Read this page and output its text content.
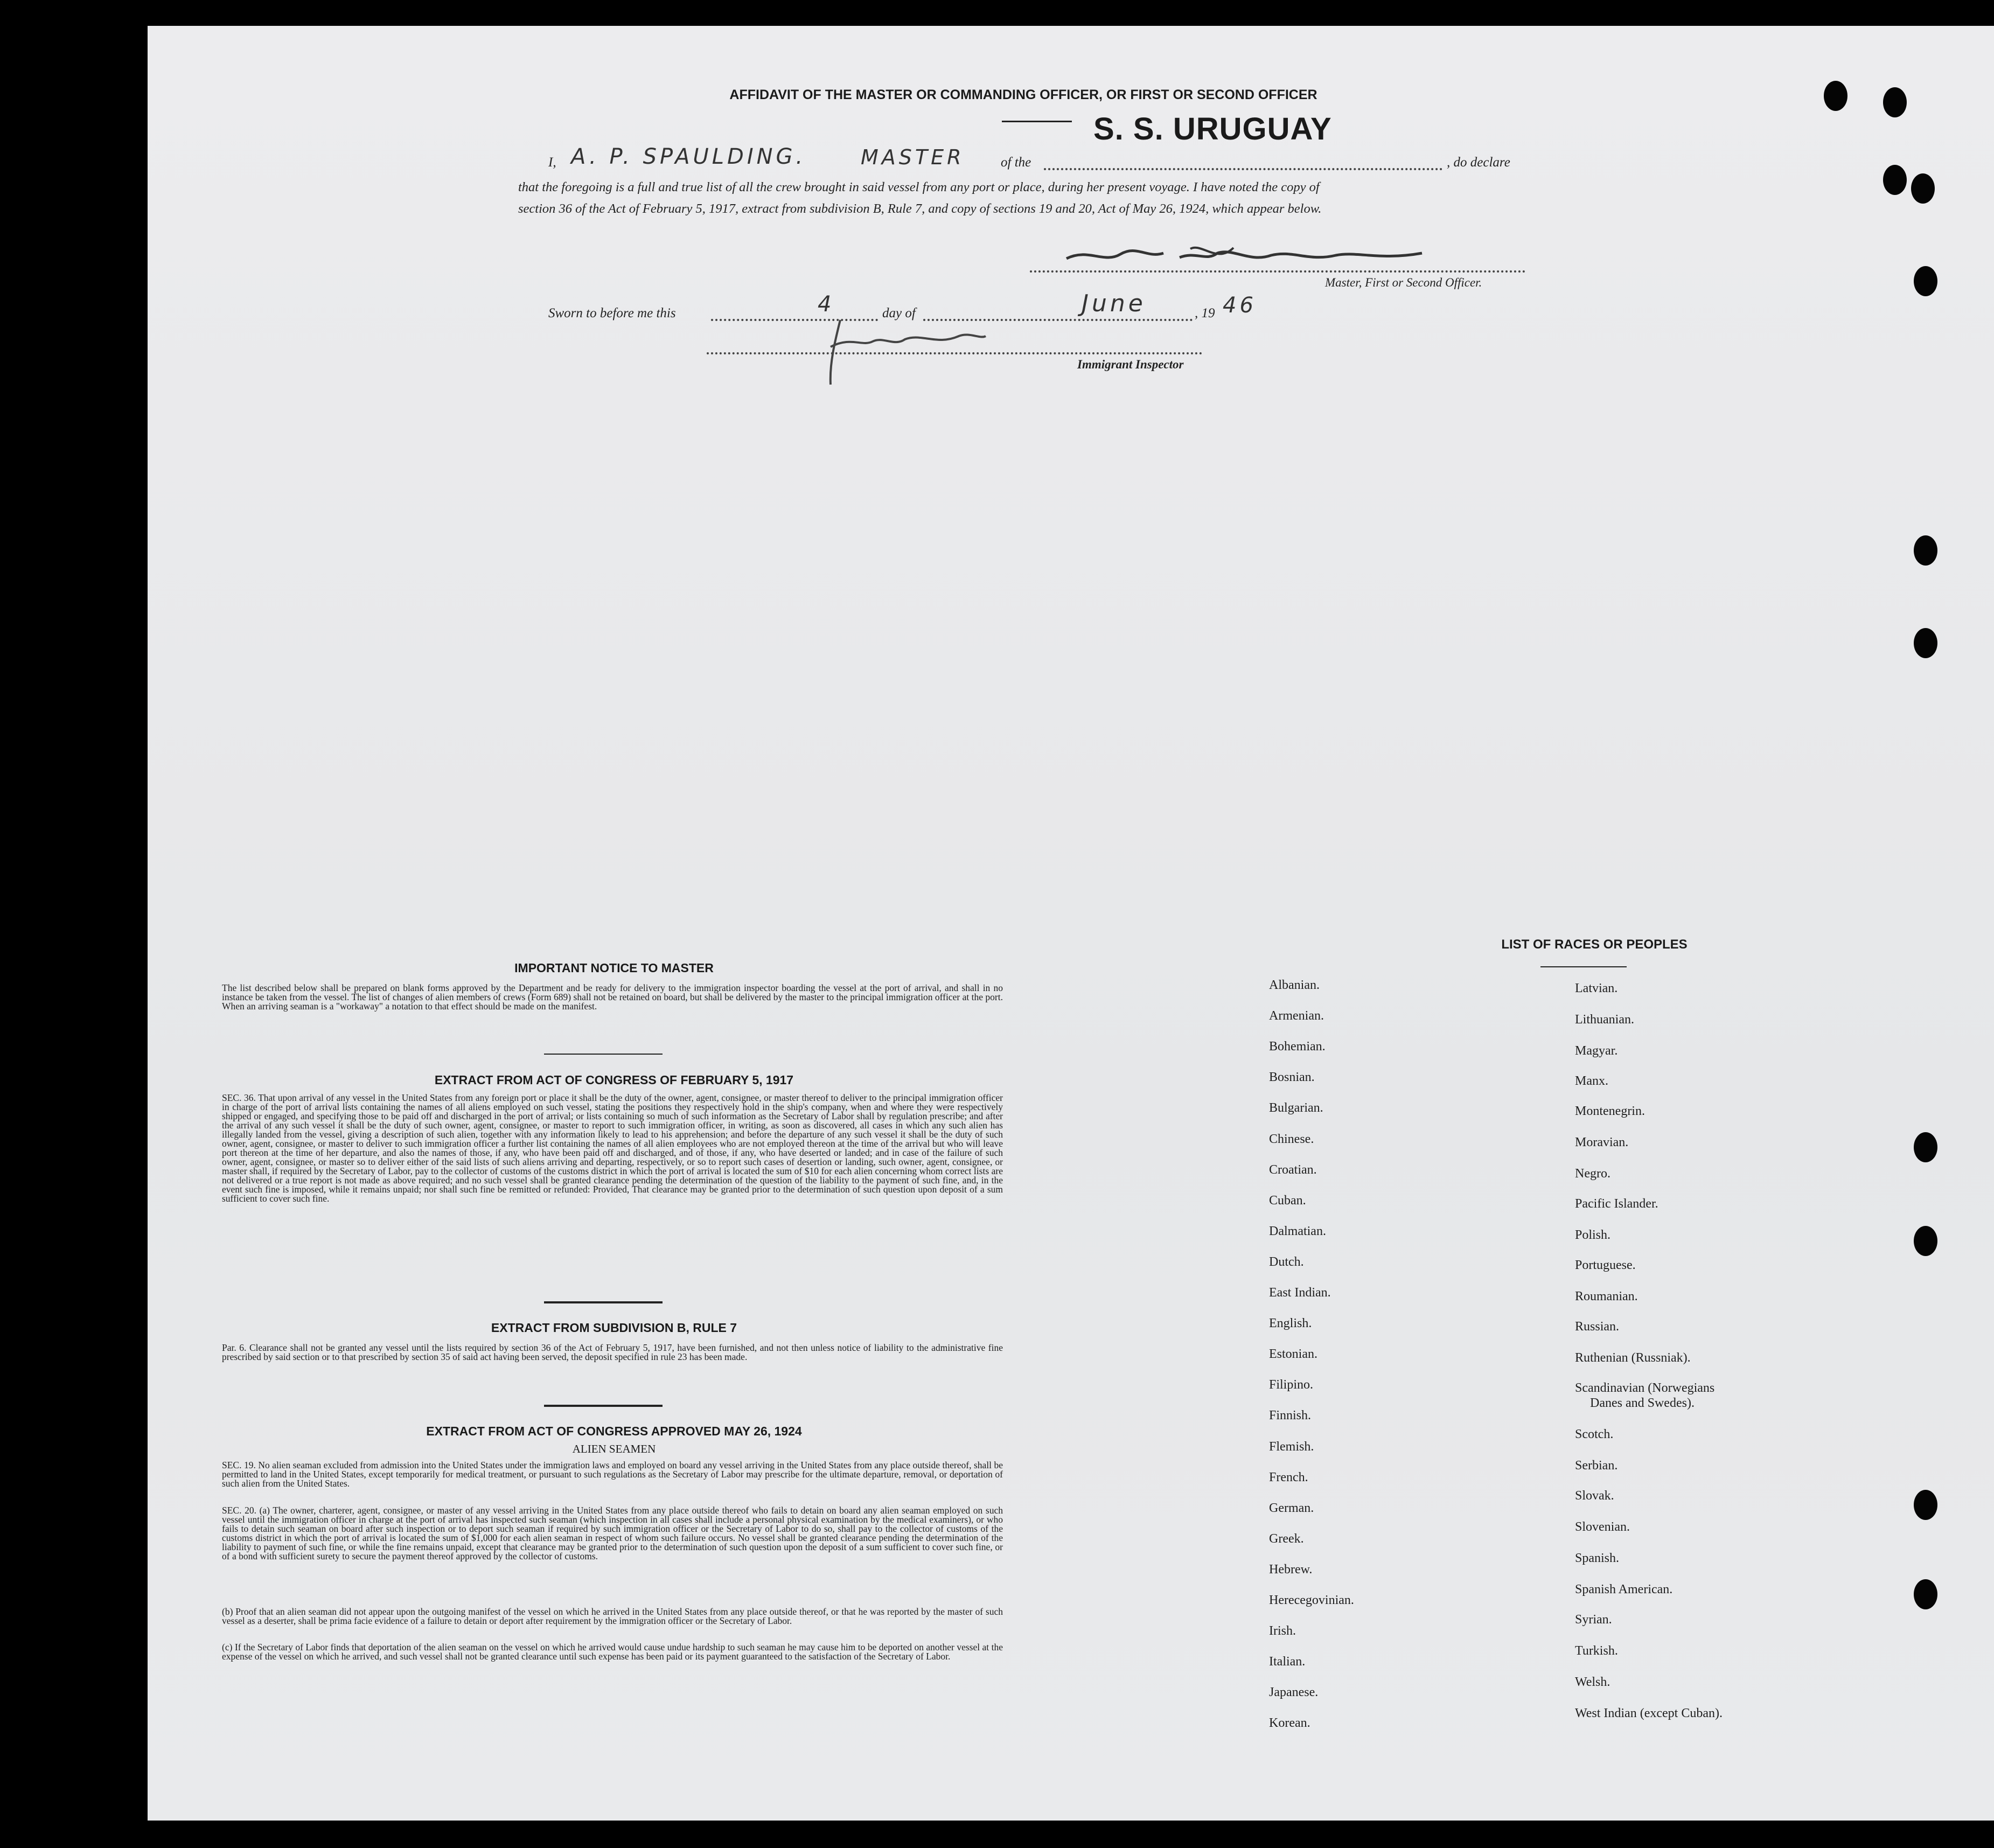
AFFIDAVIT OF THE MASTER OR COMMANDING OFFICER, OR FIRST OR SECOND OFFICER
S. S. URUGUAY
I, A. P. SPAULDING.	MASTER	of the	, do declare
that the foregoing is a full and true list of all the crew brought in said vessel from any port or place, during her present voyage. I have noted the copy of
section 36 of the Act of February 5, 1917, extract from subdivision B, Rule 7, and copy of sections 19 and 20, Act of May 26, 1924, which appear below.
Master, First or Second Officer.
Sworn to before me this	4	day of	June	, 19 46
Immigrant Inspector
IMPORTANT NOTICE TO MASTER
The list described below shall be prepared on blank forms approved by the Department and be ready for delivery to the immigration inspector boarding the vessel at the port of arrival, and shall in no instance be taken from the vessel. The list of changes of alien members of crews (Form 689) shall not be retained on board, but shall be delivered by the master to the principal immigration officer at the port. When an arriving seaman is a "workaway" a notation to that effect should be made on the manifest.
EXTRACT FROM ACT OF CONGRESS OF FEBRUARY 5, 1917
SEC. 36. That upon arrival of any vessel in the United States from any foreign port or place it shall be the duty of the owner, agent, consignee, or master thereof to deliver to the principal immigration officer in charge of the port of arrival lists containing the names of all aliens employed on such vessel, stating the positions they respectively hold in the ship's company, when and where they were respectively shipped or engaged, and specifying those to be paid off and discharged in the port of arrival; or lists containing so much of such information as the Secretary of Labor shall by regulation prescribe; and after the arrival of any such vessel it shall be the duty of such owner, agent, consignee, or master to report to such immigration officer, in writing, as soon as discovered, all cases in which any such alien has illegally landed from the vessel, giving a description of such alien, together with any information likely to lead to his apprehension; and before the departure of any such vessel it shall be the duty of such owner, agent, consignee, or master to deliver to such immigration officer a further list containing the names of all alien employees who are not employed thereon at the time of the arrival but who will leave port thereon at the time of her departure, and also the names of those, if any, who have been paid off and discharged, and of those, if any, who have deserted or landed; and in case of the failure of such owner, agent, consignee, or master so to deliver either of the said lists of such aliens arriving and departing, respectively, or so to report such cases of desertion or landing, such owner, agent, consignee, or master shall, if required by the Secretary of Labor, pay to the collector of customs of the customs district in which the port of arrival is located the sum of $10 for each alien concerning whom correct lists are not delivered or a true report is not made as above required; and no such vessel shall be granted clearance pending the determination of the question of the liability to the payment of such fine, and, in the event such fine is imposed, while it remains unpaid; nor shall such fine be remitted or refunded: Provided, That clearance may be granted prior to the determination of such question upon deposit of a sum sufficient to cover such fine.
EXTRACT FROM SUBDIVISION B, RULE 7
Par. 6. Clearance shall not be granted any vessel until the lists required by section 36 of the Act of February 5, 1917, have been furnished, and not then unless notice of liability to the administrative fine prescribed by said section or to that prescribed by section 35 of said act having been served, the deposit specified in rule 23 has been made.
EXTRACT FROM ACT OF CONGRESS APPROVED MAY 26, 1924
ALIEN SEAMEN
SEC. 19. No alien seaman excluded from admission into the United States under the immigration laws and employed on board any vessel arriving in the United States from any place outside thereof, shall be permitted to land in the United States, except temporarily for medical treatment, or pursuant to such regulations as the Secretary of Labor may prescribe for the ultimate departure, removal, or deportation of such alien from the United States.
SEC. 20. (a) The owner, charterer, agent, consignee, or master of any vessel arriving in the United States from any place outside thereof who fails to detain on board any alien seaman employed on such vessel until the immigration officer in charge at the port of arrival has inspected such seaman (which inspection in all cases shall include a personal physical examination by the medical examiners), or who fails to detain such seaman on board after such inspection or to deport such seaman if required by such immigration officer or the Secretary of Labor to do so, shall pay to the collector of customs of the customs district in which the port of arrival is located the sum of $1,000 for each alien seaman in respect of whom such failure occurs. No vessel shall be granted clearance pending the determination of the liability to payment of such fine, or while the fine remains unpaid, except that clearance may be granted prior to the determination of such question upon the deposit of a sum sufficient to cover such fine, or of a bond with sufficient surety to secure the payment thereof approved by the collector of customs.
(b) Proof that an alien seaman did not appear upon the outgoing manifest of the vessel on which he arrived in the United States from any place outside thereof, or that he was reported by the master of such vessel as a deserter, shall be prima facie evidence of a failure to detain or deport after requirement by the immigration officer or the Secretary of Labor.
(c) If the Secretary of Labor finds that deportation of the alien seaman on the vessel on which he arrived would cause undue hardship to such seaman he may cause him to be deported on another vessel at the expense of the vessel on which he arrived, and such vessel shall not be granted clearance until such expense has been paid or its payment guaranteed to the satisfaction of the Secretary of Labor.
LIST OF RACES OR PEOPLES
Albanian.
Armenian.
Bohemian.
Bosnian.
Bulgarian.
Chinese.
Croatian.
Cuban.
Dalmatian.
Dutch.
East Indian.
English.
Estonian.
Filipino.
Finnish.
Flemish.
French.
German.
Greek.
Hebrew.
Herecegovinian.
Irish.
Italian.
Japanese.
Korean.
Latvian.
Lithuanian.
Magyar.
Manx.
Montenegrin.
Moravian.
Negro.
Pacific Islander.
Polish.
Portuguese.
Roumanian.
Russian.
Ruthenian (Russniak).
Scandinavian (Norwegians
Danes and Swedes).
Scotch.
Serbian.
Slovak.
Slovenian.
Spanish.
Spanish American.
Syrian.
Turkish.
Welsh.
West Indian (except Cuban).
